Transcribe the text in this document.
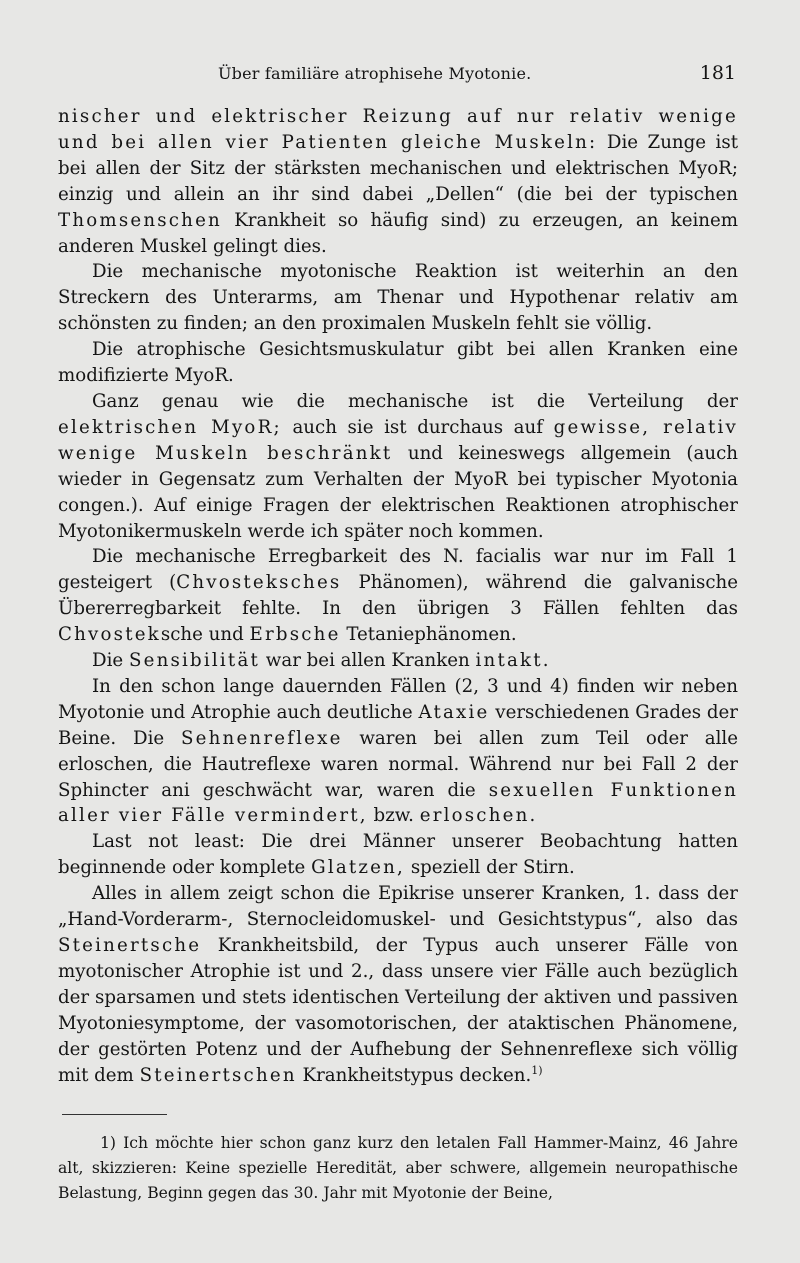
Über familiäre atrophisehe Myotonie.	181

nischer und elektrischer Reizung auf nur relativ wenige und bei allen vier Patienten gleiche Muskeln: Die Zunge ist bei allen der Sitz der stärksten mechanischen und elektrischen MyoR; einzig und allein an ihr sind dabei „Dellen“ (die bei der typischen Thomsenschen Krankheit so häufig sind) zu erzeugen, an keinem anderen Muskel gelingt dies.

Die mechanische myotonische Reaktion ist weiterhin an den Streckern des Unterarms, am Thenar und Hypothenar relativ am schönsten zu finden; an den proximalen Muskeln fehlt sie völlig.

Die atrophische Gesichtsmuskulatur gibt bei allen Kranken eine modifizierte MyoR.

Ganz genau wie die mechanische ist die Verteilung der elektrischen MyoR; auch sie ist durchaus auf gewisse, relativ wenige Muskeln beschränkt und keineswegs allgemein (auch wieder in Gegensatz zum Verhalten der MyoR bei typischer Myotonia congen.). Auf einige Fragen der elektrischen Reaktionen atrophischer Myotonikermuskeln werde ich später noch kommen.

Die mechanische Erregbarkeit des N. facialis war nur im Fall 1 gesteigert (Chvosteksches Phänomen), während die galvanische Übererregbarkeit fehlte. In den übrigen 3 Fällen fehlten das Chvosteksche und Erbsche Tetaniephänomen.

Die Sensibilität war bei allen Kranken intakt.

In den schon lange dauernden Fällen (2, 3 und 4) finden wir neben Myotonie und Atrophie auch deutliche Ataxie verschiedenen Grades der Beine. Die Sehnenreflexe waren bei allen zum Teil oder alle erloschen, die Hautreflexe waren normal. Während nur bei Fall 2 der Sphincter ani geschwächt war, waren die sexuellen Funktionen aller vier Fälle vermindert, bzw. erloschen.

Last not least: Die drei Männer unserer Beobachtung hatten beginnende oder komplete Glatzen, speziell der Stirn.

Alles in allem zeigt schon die Epikrise unserer Kranken, 1. dass der „Hand-Vorderarm-, Sternocleidomuskel- und Gesichtstypus“, also das Steinertsche Krankheitsbild, der Typus auch unserer Fälle von myotonischer Atrophie ist und 2., dass unsere vier Fälle auch bezüglich der sparsamen und stets identischen Verteilung der aktiven und passiven Myotoniesymptome, der vasomotorischen, der ataktischen Phänomene, der gestörten Potenz und der Aufhebung der Sehnenreflexe sich völlig mit dem Steinertschen Krankheitstypus decken.$^{1)}$

1) Ich möchte hier schon ganz kurz den letalen Fall Hammer-Mainz, 46 Jahre alt, skizzieren: Keine spezielle Heredität, aber schwere, allgemein neuropathische Belastung, Beginn gegen das 30. Jahr mit Myotonie der Beine,
